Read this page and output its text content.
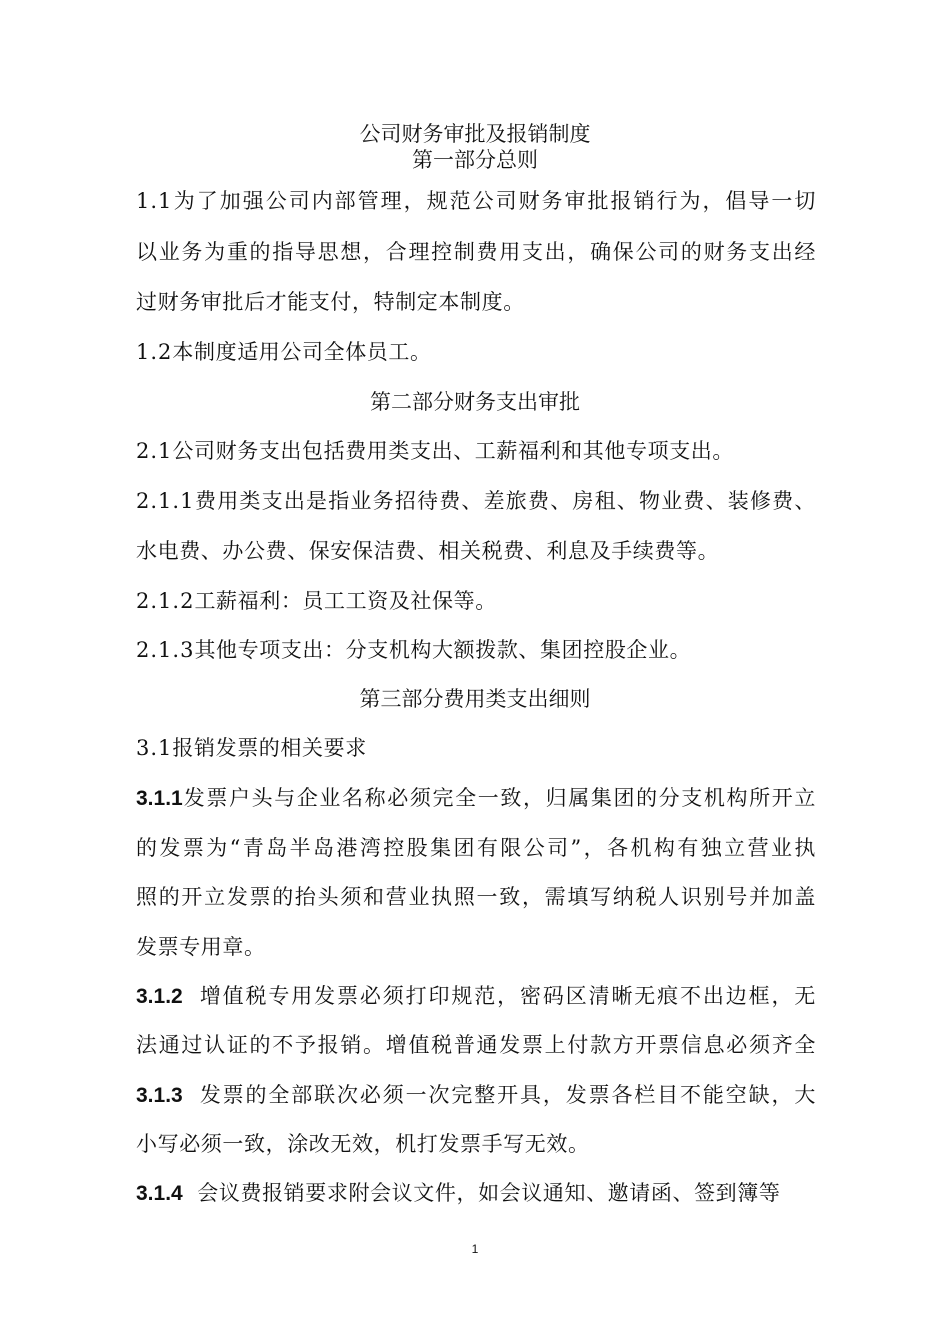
公司财务审批及报销制度
第一部分总则
1.1为了加强公司内部管理，规范公司财务审批报销行为，倡导一切
以业务为重的指导思想，合理控制费用支出，确保公司的财务支出经
过财务审批后才能支付，特制定本制度。
1.2本制度适用公司全体员工。
第二部分财务支出审批
2.1公司财务支出包括费用类支出、工薪福利和其他专项支出。
2.1.1费用类支出是指业务招待费、差旅费、房租、物业费、装修费、
水电费、办公费、保安保洁费、相关税费、利息及手续费等。
2.1.2工薪福利：员工工资及社保等。
2.1.3其他专项支出：分支机构大额拨款、集团控股企业。
第三部分费用类支出细则
3.1报销发票的相关要求
3.1.1发票户头与企业名称必须完全一致，归属集团的分支机构所开立
的发票为“青岛半岛港湾控股集团有限公司”，各机构有独立营业执
照的开立发票的抬头须和营业执照一致，需填写纳税人识别号并加盖
发票专用章。
3.1.2 增值税专用发票必须打印规范，密码区清晰无痕不出边框，无
法通过认证的不予报销。增值税普通发票上付款方开票信息必须齐全
3.1.3 发票的全部联次必须一次完整开具，发票各栏目不能空缺，大
小写必须一致，涂改无效，机打发票手写无效。
3.1.4 会议费报销要求附会议文件，如会议通知、邀请函、签到簿等
1
